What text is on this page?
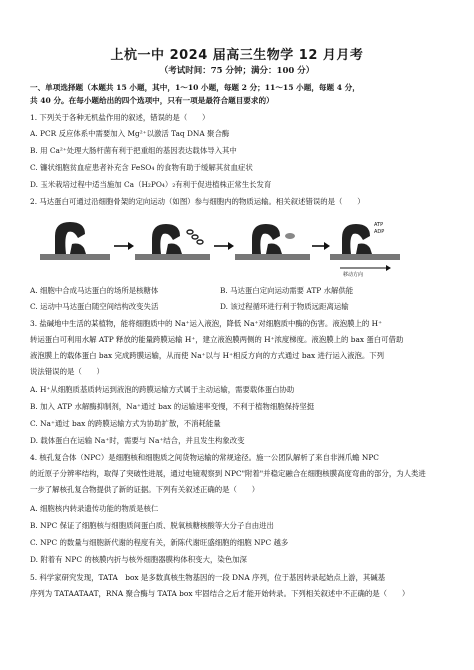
上杭一中 2024 届高三生物学 12 月月考
（考试时间：75 分钟；满分：100 分）
一、单项选择题（本题共 15 小题，其中，1～10 小题，每题 2 分；11～15 小题，每题 4 分，
共 40 分。在每小题给出的四个选项中，只有一项是最符合题目要求的）
1. 下列关于各种无机盐作用的叙述，错误的是（　　）
A. PCR 反应体系中需要加入 Mg²⁺以激活 Taq DNA 聚合酶
B. 用 Ca²⁺处理大肠杆菌有利于把重组的基因表达载体导入其中
C. 镰状细胞贫血症患者补充含 FeSO₄ 的食物有助于缓解其贫血症状
D. 玉米栽培过程中适当施加 Ca（H₂PO₄）₂有利于促进植株正常生长发育
2. 马达蛋白可通过沿细胞骨架的定向运动（如图）参与细胞内的物质运输。相关叙述错误的是（　　）
ATP
ADP
移动方向
A. 细胞中合成马达蛋白的场所是核糖体	B. 马达蛋白定向运动需要 ATP 水解供能
C. 运动中马达蛋白随空间结构改变失活	D. 该过程循环进行利于物质远距离运输
3. 盐碱地中生活的某植物，能将细胞质中的 Na⁺运入液泡，降低 Na⁺对细胞质中酶的伤害。液泡膜上的 H⁺
转运蛋白可利用水解 ATP 释放的能量跨膜运输 H⁺，建立液泡膜两侧的 H⁺浓度梯度。液泡膜上的 bax 蛋白可借助
液泡膜上的载体蛋白 bax 完成跨膜运输，从而使 Na⁺以与 H⁺相反方向的方式通过 bax 进行运入液泡。下列
说法错误的是（　　）
A. H⁺从细胞质基质转运到液泡的跨膜运输方式属于主动运输，需要载体蛋白协助
B. 加入 ATP 水解酶抑制剂，Na⁺通过 bax 的运输速率变慢，不利于植物细胞保持坚挺
C. Na⁺通过 bax 的跨膜运输方式为协助扩散，不消耗能量
D. 载体蛋白在运输 Na⁺时，需要与 Na⁺结合，并且发生构象改变
4. 核孔复合体（NPC）是细胞核和细胞质之间货物运输的常规途径。施一公团队解析了来自非洲爪蟾 NPC
的近原子分辨率结构，取得了突破性进展，通过电镜观察到 NPC"附着"并稳定融合在细胞核膜高度弯曲的部分，为人类进
一步了解核孔复合物提供了新的证据。下列有关叙述正确的是（　　）
A. 细胞核内转录遗传功能的物质是核仁
B. NPC 保证了细胞核与细胞质间蛋白质、脱氧核糖核酸等大分子自由进出
C. NPC 的数量与细胞新代谢的程度有关，新陈代谢旺盛细胞的细胞 NPC 越多
D. 附着有 NPC 的核膜内折与核外细胞器膜构体积变大，染色加深
5. 科学家研究发现，TATA　box 是多数真核生物基因的一段 DNA 序列，位于基因转录起始点上游，其碱基
序列为 TATAATAAT，RNA 聚合酶与 TATA box 牢固结合之后才能开始转录。下列相关叙述中不正确的是（　　）
